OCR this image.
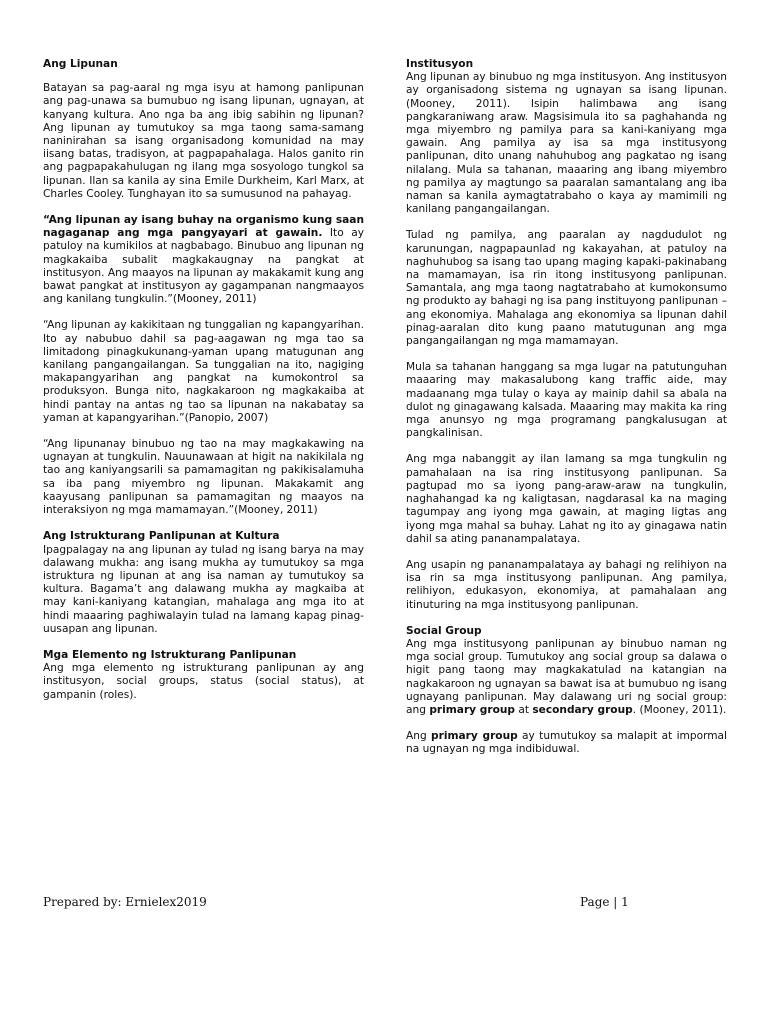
Ang Lipunan

Batayan sa pag-aaral ng mga isyu at hamong panlipunan ang pag-unawa sa bumubuo ng isang lipunan, ugnayan, at kanyang kultura. Ano nga ba ang ibig sabihin ng lipunan? Ang lipunan ay tumutukoy sa mga taong sama-samang naninirahan sa isang organisadong komunidad na may iisang batas, tradisyon, at pagpapahalaga. Halos ganito rin ang pagpapakahulugan ng ilang mga sosyologo tungkol sa lipunan. Ilan sa kanila ay sina Emile Durkheim, Karl Marx, at Charles Cooley. Tunghayan ito sa sumusunod na pahayag.

“Ang lipunan ay isang buhay na organismo kung saan nagaganap ang mga pangyayari at gawain. Ito ay patuloy na kumikilos at nagbabago. Binubuo ang lipunan ng magkakaiba subalit magkakaugnay na pangkat at institusyon. Ang maayos na lipunan ay makakamit kung ang bawat pangkat at institusyon ay gagampanan nangmaayos ang kanilang tungkulin.”(Mooney, 2011)

“Ang lipunan ay kakikitaan ng tunggalian ng kapangyarihan. Ito ay nabubuo dahil sa pag-aagawan ng mga tao sa limitadong pinagkukunang-yaman upang matugunan ang kanilang pangangailangan. Sa tunggalian na ito, nagiging makapangyarihan ang pangkat na kumokontrol sa produksyon. Bunga nito, nagkakaroon ng magkakaiba at hindi pantay na antas ng tao sa lipunan na nakabatay sa yaman at kapangyarihan.”(Panopio, 2007)

“Ang lipunanay binubuo ng tao na may magkakawing na ugnayan at tungkulin. Nauunawaan at higit na nakikilala ng tao ang kaniyangsarili sa pamamagitan ng pakikisalamuha sa iba pang miyembro ng lipunan. Makakamit ang kaayusang panlipunan sa pamamagitan ng maayos na interaksiyon ng mga mamamayan.”(Mooney, 2011)

Ang Istrukturang Panlipunan at Kultura

Ipagpalagay na ang lipunan ay tulad ng isang barya na may dalawang mukha: ang isang mukha ay tumutukoy sa mga istruktura ng lipunan at ang isa naman ay tumutukoy sa kultura. Bagama’t ang dalawang mukha ay magkaiba at may kani-kaniyang katangian, mahalaga ang mga ito at hindi maaaring paghiwalayin tulad na lamang kapag pinag-uusapan ang lipunan.

Mga Elemento ng Istrukturang Panlipunan

Ang mga elemento ng istrukturang panlipunan ay ang institusyon, social groups, status (social status), at gampanin (roles).

Institusyon

Ang lipunan ay binubuo ng mga institusyon. Ang institusyon ay organisadong sistema ng ugnayan sa isang lipunan. (Mooney, 2011). Isipin halimbawa ang isang pangkaraniwang araw. Magsisimula ito sa paghahanda ng mga miyembro ng pamilya para sa kani-kaniyang mga gawain. Ang pamilya ay isa sa mga institusyong panlipunan, dito unang nahuhubog ang pagkatao ng isang nilalang. Mula sa tahanan, maaaring ang ibang miyembro ng pamilya ay magtungo sa paaralan samantalang ang iba naman sa kanila aymagtatrabaho o kaya ay mamimili ng kanilang pangangailangan.

Tulad ng pamilya, ang paaralan ay nagdudulot ng karunungan, nagpapaunlad ng kakayahan, at patuloy na naghuhubog sa isang tao upang maging kapaki-pakinabang na mamamayan, isa rin itong institusyong panlipunan. Samantala, ang mga taong nagtatrabaho at kumokonsumo ng produkto ay bahagi ng isa pang instituyong panlipunan – ang ekonomiya. Mahalaga ang ekonomiya sa lipunan dahil pinag-aaralan dito kung paano matutugunan ang mga pangangailangan ng mga mamamayan.

Mula sa tahanan hanggang sa mga lugar na patutunguhan maaaring may makasalubong kang traffic aide, may madaanang mga tulay o kaya ay mainip dahil sa abala na dulot ng ginagawang kalsada. Maaaring may makita ka ring mga anunsyo ng mga programang pangkalusugan at pangkalinisan.

Ang mga nabanggit ay ilan lamang sa mga tungkulin ng pamahalaan na isa ring institusyong panlipunan. Sa pagtupad mo sa iyong pang-araw-araw na tungkulin, naghahangad ka ng kaligtasan, nagdarasal ka na maging tagumpay ang iyong mga gawain, at maging ligtas ang iyong mga mahal sa buhay. Lahat ng ito ay ginagawa natin dahil sa ating pananampalataya.

Ang usapin ng pananampalataya ay bahagi ng relihiyon na isa rin sa mga institusyong panlipunan. Ang pamilya, relihiyon, edukasyon, ekonomiya, at pamahalaan ang itinuturing na mga institusyong panlipunan.

Social Group

Ang mga institusyong panlipunan ay binubuo naman ng mga social group. Tumutukoy ang social group sa dalawa o higit pang taong may magkakatulad na katangian na nagkakaroon ng ugnayan sa bawat isa at bumubuo ng isang ugnayang panlipunan. May dalawang uri ng social group: ang primary group at secondary group. (Mooney, 2011).

Ang primary group ay tumutukoy sa malapit at impormal na ugnayan ng mga indibiduwal.

Prepared by: Ernielex2019	Page | 1
